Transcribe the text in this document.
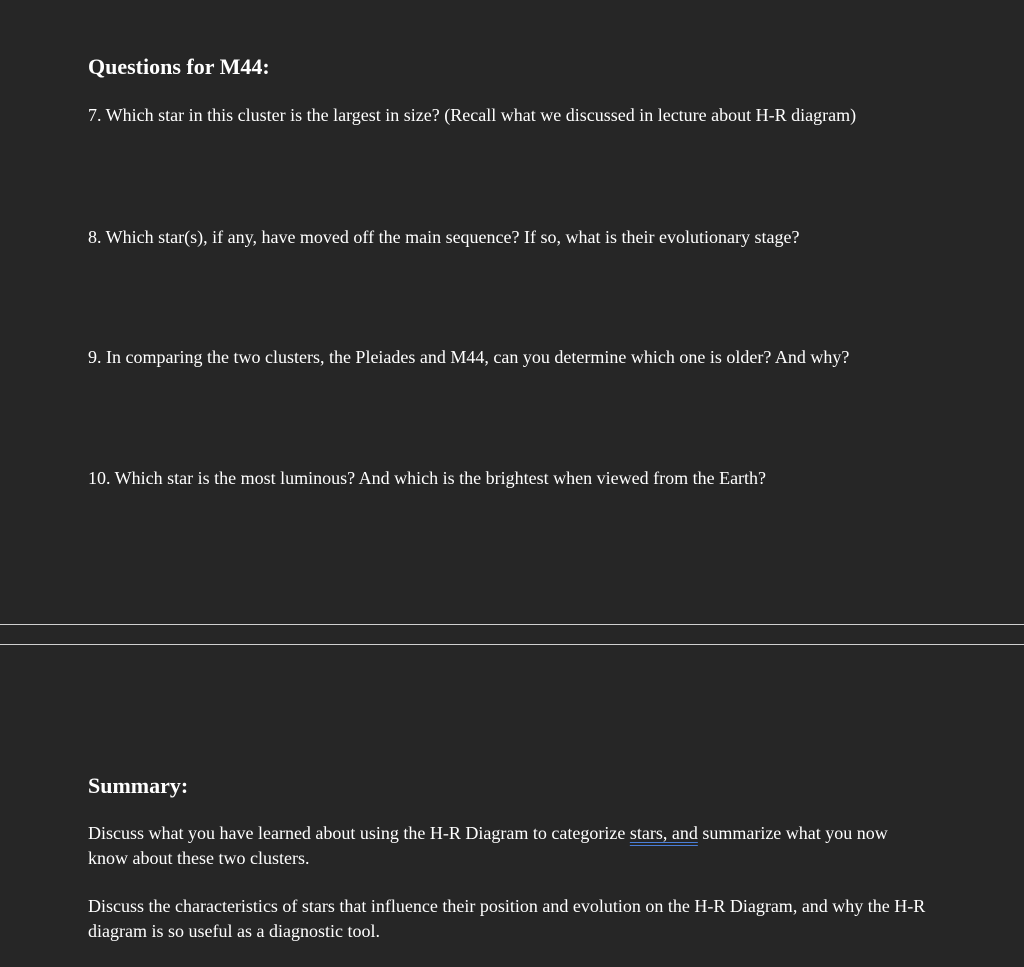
Questions for M44:

7. Which star in this cluster is the largest in size? (Recall what we discussed in lecture about H-R diagram)

8. Which star(s), if any, have moved off the main sequence? If so, what is their evolutionary stage?

9. In comparing the two clusters, the Pleiades and M44, can you determine which one is older? And why?

10. Which star is the most luminous? And which is the brightest when viewed from the Earth?

Summary:

Discuss what you have learned about using the H-R Diagram to categorize stars, and summarize what you now know about these two clusters.

Discuss the characteristics of stars that influence their position and evolution on the H-R Diagram, and why the H-R diagram is so useful as a diagnostic tool.
